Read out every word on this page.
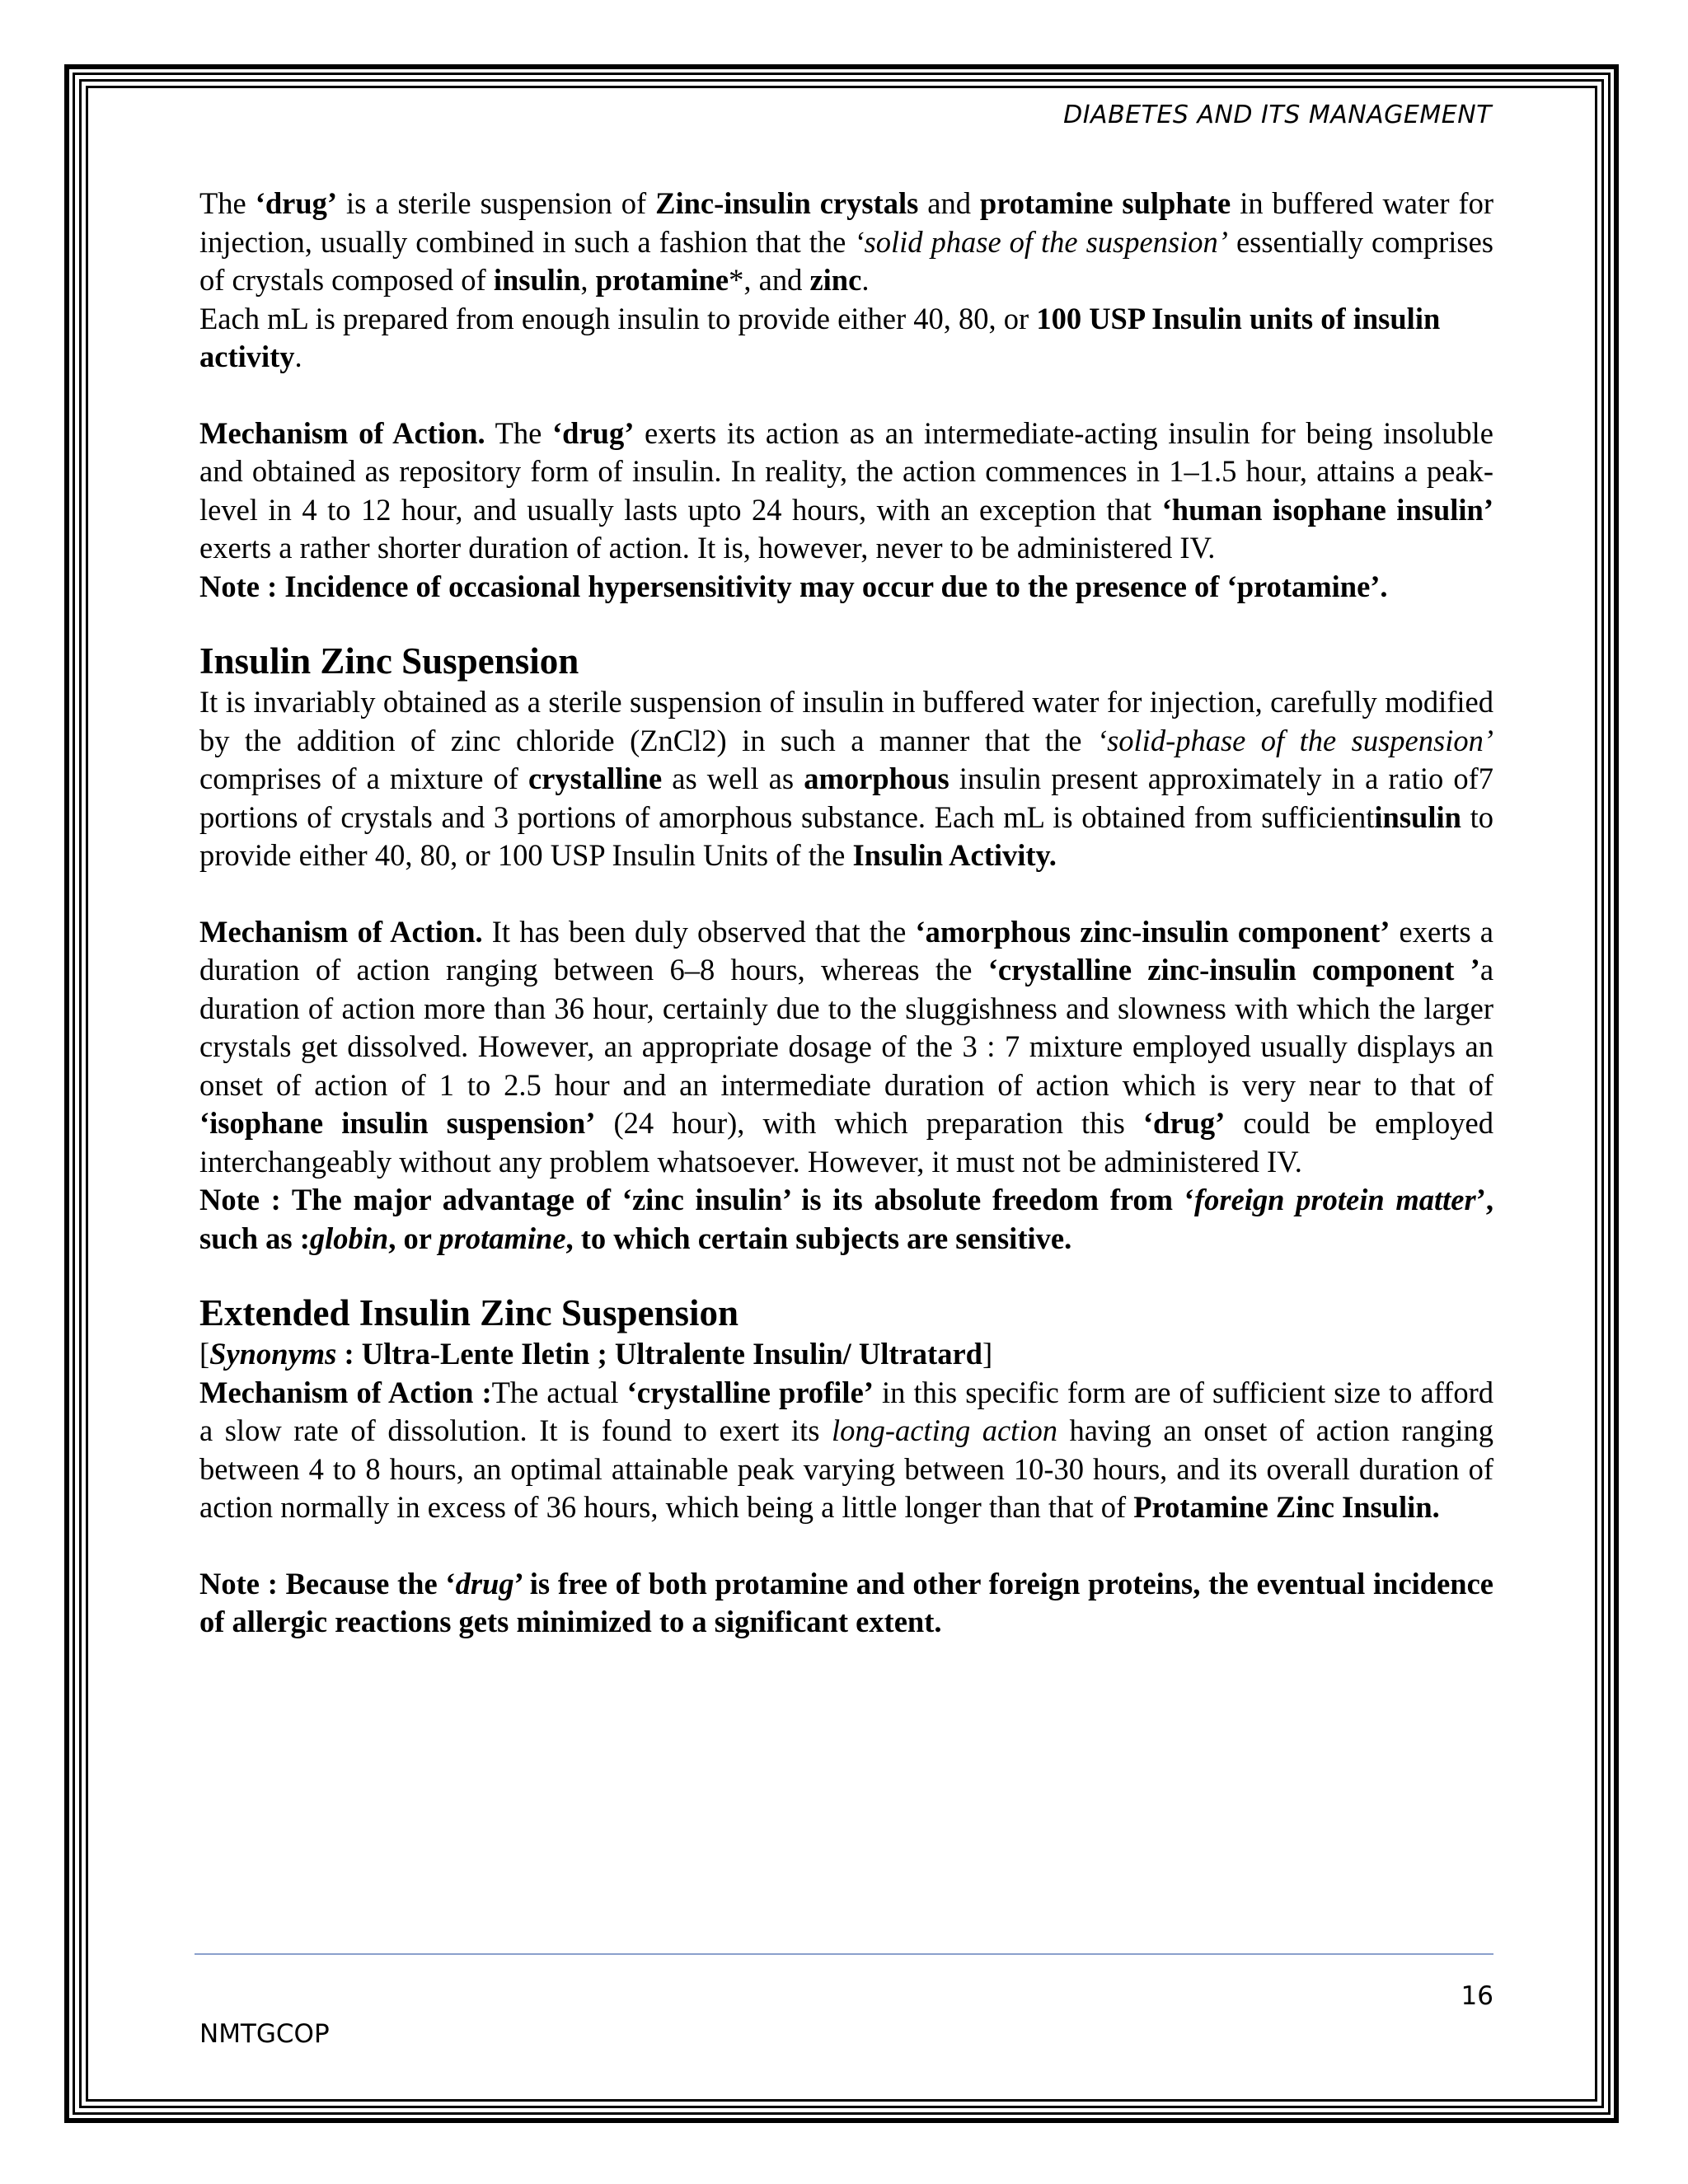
DIABETES AND ITS MANAGEMENT

The ‘drug’ is a sterile suspension of Zinc-insulin crystals and protamine sulphate in buffered water for injection, usually combined in such a fashion that the ‘solid phase of the suspension’ essentially comprises of crystals composed of insulin, protamine*, and zinc.

Each mL is prepared from enough insulin to provide either 40, 80, or 100 USP Insulin units of insulin activity.

Mechanism of Action. The ‘drug’ exerts its action as an intermediate-acting insulin for being insoluble and obtained as repository form of insulin. In reality, the action commences in 1–1.5 hour, attains a peak-level in 4 to 12 hour, and usually lasts upto 24 hours, with an exception that ‘human isophane insulin’ exerts a rather shorter duration of action. It is, however, never to be administered IV.

Note : Incidence of occasional hypersensitivity may occur due to the presence of ‘protamine’.

Insulin Zinc Suspension

It is invariably obtained as a sterile suspension of insulin in buffered water for injection, carefully modified by the addition of zinc chloride (ZnCl2) in such a manner that the ‘solid-phase of the suspension’ comprises of a mixture of crystalline as well as amorphous insulin present approximately in a ratio of7 portions of crystals and 3 portions of amorphous substance. Each mL is obtained from sufficientinsulin to provide either 40, 80, or 100 USP Insulin Units of the Insulin Activity.

Mechanism of Action. It has been duly observed that the ‘amorphous zinc-insulin component’ exerts a duration of action ranging between 6–8 hours, whereas the ‘crystalline zinc-insulin component ’a duration of action more than 36 hour, certainly due to the sluggishness and slowness with which the larger crystals get dissolved. However, an appropriate dosage of the 3 : 7 mixture employed usually displays an onset of action of 1 to 2.5 hour and an intermediate duration of action which is very near to that of ‘isophane insulin suspension’ (24 hour), with which preparation this ‘drug’ could be employed interchangeably without any problem whatsoever. However, it must not be administered IV.

Note : The major advantage of ‘zinc insulin’ is its absolute freedom from ‘foreign protein matter’, such as :globin, or protamine, to which certain subjects are sensitive.

Extended Insulin Zinc Suspension

[Synonyms : Ultra-Lente Iletin ; Ultralente Insulin/ Ultratard]

Mechanism of Action :The actual ‘crystalline profile’ in this specific form are of sufficient size to afford a slow rate of dissolution. It is found to exert its long-acting action having an onset of action ranging between 4 to 8 hours, an optimal attainable peak varying between 10-30 hours, and its overall duration of action normally in excess of 36 hours, which being a little longer than that of Protamine Zinc Insulin.

Note : Because the ‘drug’ is free of both protamine and other foreign proteins, the eventual incidence of allergic reactions gets minimized to a significant extent.

16
NMTGCOP
